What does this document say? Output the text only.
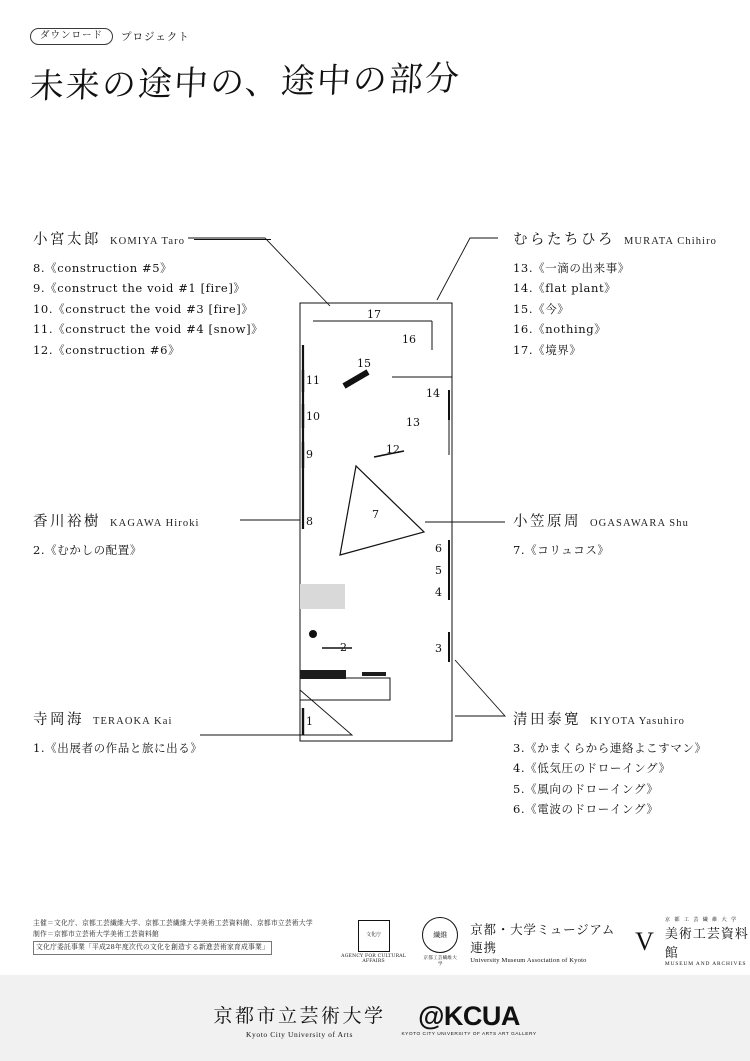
ダウンロード	プロジェクト
未来の途中の、途中の部分
1
2	3
4
5
6
7
8
9
10
11
12
13
14
15
16
17
小宮太郎 KOMIYA Taro
8.《construction #5》
9.《construct the void #1 [fire]》
10.《construct the void #3 [fire]》
11.《construct the void #4 [snow]》
12.《construction #6》
むらたちひろ MURATA Chihiro
13.《一滴の出来事》
14.《flat plant》
15.《今》
16.《nothing》
17.《境界》
香川裕樹 KAGAWA Hiroki
2.《むかしの配置》
小笠原周 OGASAWARA Shu
7.《コリュコス》
寺岡海 TERAOKA Kai
1.《出展者の作品と旅に出る》
清田泰寛 KIYOTA Yasuhiro
3.《かまくらから連絡よこすマン》
4.《低気圧のドローイング》
5.《風向のドローイング》
6.《電波のドローイング》
主催＝文化庁、京都工芸繊維大学、京都工芸繊維大学美術工芸資料館、京都市立芸術大学
制作＝京都市立芸術大学美術工芸資料館
文化庁委託事業「平成28年度次代の文化を創造する新進芸術家育成事業」
文化庁
AGENCY FOR CULTURAL AFFAIRS
繊維
京都工芸繊維大学
京都・大学ミュージアム連携
University Museum Association of Kyoto
V
京 都 工 芸 繊 維 大 学
美術工芸資料館
MUSEUM AND ARCHIVES
京都市立芸術大学
Kyoto City University of Arts
@KCUA
KYOTO CITY UNIVERSITY OF ARTS ART GALLERY
